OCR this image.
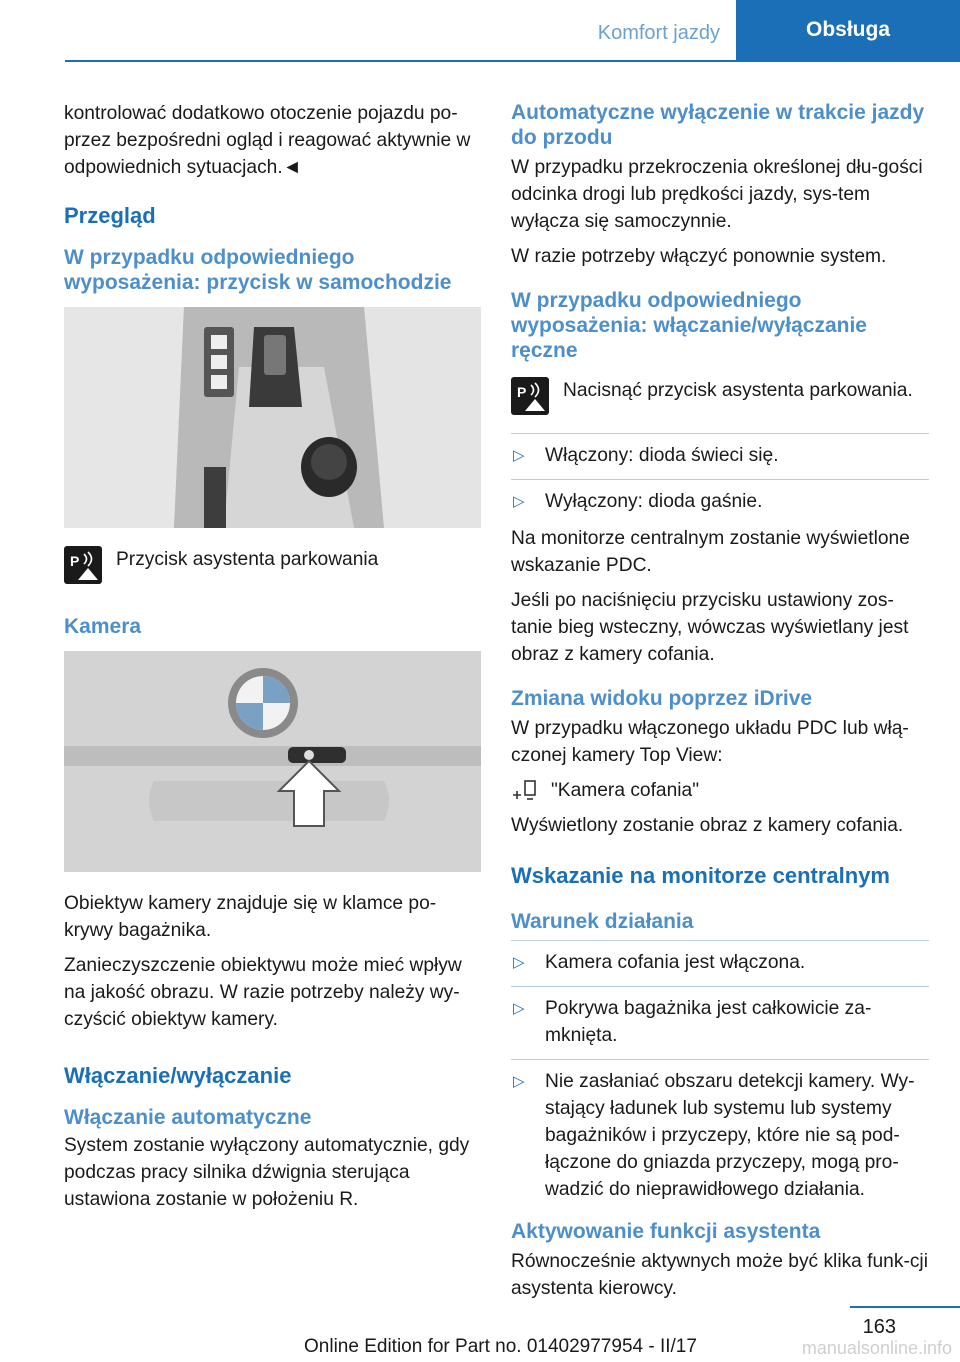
Komfort jazdy	Obsługa

kontrolować dodatkowo otoczenie pojazdu po-przez bezpośredni ogląd i reagować aktywnie w odpowiednich sytuacjach.◄

Przegląd
W przypadku odpowiedniego wyposażenia: przycisk w samochodzie
P Przycisk asystenta parkowania
Kamera

Obiektyw kamery znajduje się w klamce po-krywy bagażnika.

Zanieczyszczenie obiektywu może mieć wpływ na jakość obrazu. W razie potrzeby należy wy-czyścić obiektyw kamery.

Włączanie/wyłączanie
Włączanie automatyczne

System zostanie wyłączony automatycznie, gdy podczas pracy silnika dźwignia sterująca ustawiona zostanie w położeniu R.

Automatyczne wyłączenie w trakcie jazdy do przodu

W przypadku przekroczenia określonej dłu-gości odcinka drogi lub prędkości jazdy, sys-tem wyłącza się samoczynnie.

W razie potrzeby włączyć ponownie system.

W przypadku odpowiedniego wyposażenia: włączanie/wyłączanie ręczne
P Nacisnąć przycisk asystenta parkowania.
▷ Włączony: dioda świeci się.
▷ Wyłączony: dioda gaśnie.

Na monitorze centralnym zostanie wyświetlone wskazanie PDC.

Jeśli po naciśnięciu przycisku ustawiony zos-tanie bieg wsteczny, wówczas wyświetlany jest obraz z kamery cofania.

Zmiana widoku poprzez iDrive

W przypadku włączonego układu PDC lub włą-czonej kamery Top View:

"Kamera cofania"

Wyświetlony zostanie obraz z kamery cofania.

Wskazanie na monitorze centralnym
Warunek działania
▷ Kamera cofania jest włączona.
▷ Pokrywa bagażnika jest całkowicie za-mknięta.
▷ Nie zasłaniać obszaru detekcji kamery. Wy-stający ładunek lub systemu lub systemy bagażników i przyczepy, które nie są pod-łączone do gniazda przyczepy, mogą pro-wadzić do nieprawidłowego działania.
Aktywowanie funkcji asystenta

Równocześnie aktywnych może być klika funk-cji asystenta kierowcy.

163
Online Edition for Part no. 01402977954 - II/17	manualsonline.info
